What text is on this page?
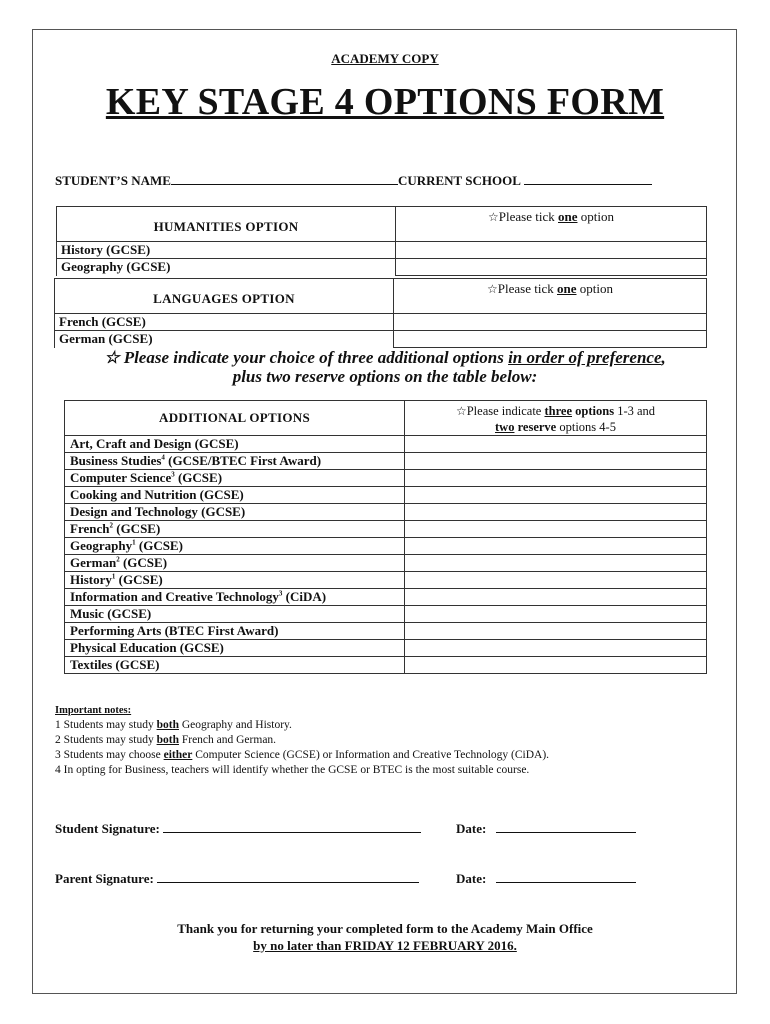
ACADEMY COPY
KEY STAGE 4 OPTIONS FORM
STUDENT’S NAME	CURRENT SCHOOL
HUMANITIES OPTION	☆Please tick one option
History (GCSE)	
Geography (GCSE)	
LANGUAGES OPTION	☆Please tick one option
French (GCSE)	
German (GCSE)	
☆ Please indicate your choice of three additional options in order of preference,
plus two reserve options on the table below:
ADDITIONAL OPTIONS	☆Please indicate three options 1-3 and
two reserve options 4-5
Art, Craft and Design (GCSE)	
Business Studies$^4$ (GCSE/BTEC First Award)	
Computer Science$^3$ (GCSE)	
Cooking and Nutrition (GCSE)	
Design and Technology (GCSE)	
French$^2$ (GCSE)	
Geography$^1$ (GCSE)	
German$^2$ (GCSE)	
History$^1$ (GCSE)	
Information and Creative Technology$^3$ (CiDA)	
Music (GCSE)	
Performing Arts (BTEC First Award)	
Physical Education (GCSE)	
Textiles (GCSE)	
Important notes:
1 Students may study both Geography and History.
2 Students may study both French and German.
3 Students may choose either Computer Science (GCSE) or Information and Creative Technology (CiDA).
4 In opting for Business, teachers will identify whether the GCSE or BTEC is the most suitable course.
Student Signature:	Date:
Parent Signature:	Date:
Thank you for returning your completed form to the Academy Main Office
by no later than FRIDAY 12 FEBRUARY 2016.
